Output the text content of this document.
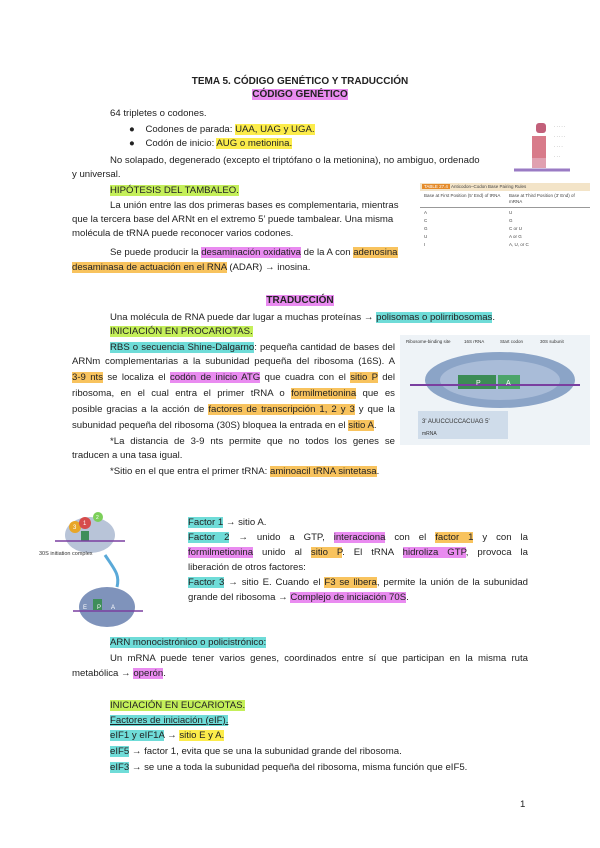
TEMA 5. CÓDIGO GENÉTICO Y TRADUCCIÓN
CÓDIGO GENÉTICO
64 tripletes o codones.
●    Codones de parada: UAA, UAG y UGA.
●    Codón de inicio: AUG o metionina.
No solapado, degenerado (excepto el triptófano o la metionina), no ambiguo, ordenado
y universal.
HIPÓTESIS DEL TAMBALEO.
La unión entre las dos primeras bases es complementaria, mientras
que la tercera base del ARNt en el extremo 5’ puede tambalear. Una misma
molécula de tRNA puede reconocer varios codones.
Se puede producir la desaminación oxidativa de la A con adenosina
desaminasa de actuación en el RNA (ADAR) → inosina.
· · · · ·
· · · · ·
· · · ·
· · ·
TABLE 27.4 Anticodon–Codon Base Pairing Rules
Base at First Position (5’ End) of tRNA	Base at Third Position (3’ End) of mRNA
A	U
C	G
G	C or U
U	A or G
I	A, U, or C
TRADUCCIÓN
Una molécula de RNA puede dar lugar a muchas proteínas → polisomas o polirribosomas.
INICIACIÓN EN PROCARIOTAS.
RBS o secuencia Shine-Dalgarno: pequeña cantidad de bases del
ARNm complementarias a la subunidad pequeña del ribosoma (16S). A
3-9 nts se localiza el codón de inicio ATG que cuadra con el sitio P del
ribosoma, en el cual entra el primer tRNA o formilmetionina que es
posible gracias a la acción de factores de transcripción 1, 2 y 3 y que la
subunidad pequeña del ribosoma (30S) bloquea la entrada en el sitio A.
*La distancia de 3-9 nts permite que no todos los genes se
traducen a una tasa igual.
*Sitio en el que entra el primer tRNA: aminoacil tRNA sintetasa.
P	A
Ribosome-binding site	16S rRNA	Start codon	30S subunit
3' AUUCCUCCACUAG 5'
mRNA
3
1
2
30S initiation complex
E P A
Factor 1 → sitio A.
Factor 2 → unido a GTP, interacciona con el factor 1 y con la
formilmetionina unido al sitio P. El tRNA hidroliza GTP, provoca la
liberación de otros factores:
Factor 3 → sitio E. Cuando el F3 se libera, permite la unión de la subunidad
grande del ribosoma → Complejo de iniciación 70S.
ARN monocistrónico o policistrónico:
Un mRNA puede tener varios genes, coordinados entre sí que participan en la misma ruta
metabólica → operón.
INICIACIÓN EN EUCARIOTAS.
Factores de iniciación (eIF).
eIF1 y eIF1A → sitio E y A.
eIF5 → factor 1, evita que se una la subunidad grande del ribosoma.
eIF3 → se une a toda la subunidad pequeña del ribosoma, misma función que eIF5.
1
